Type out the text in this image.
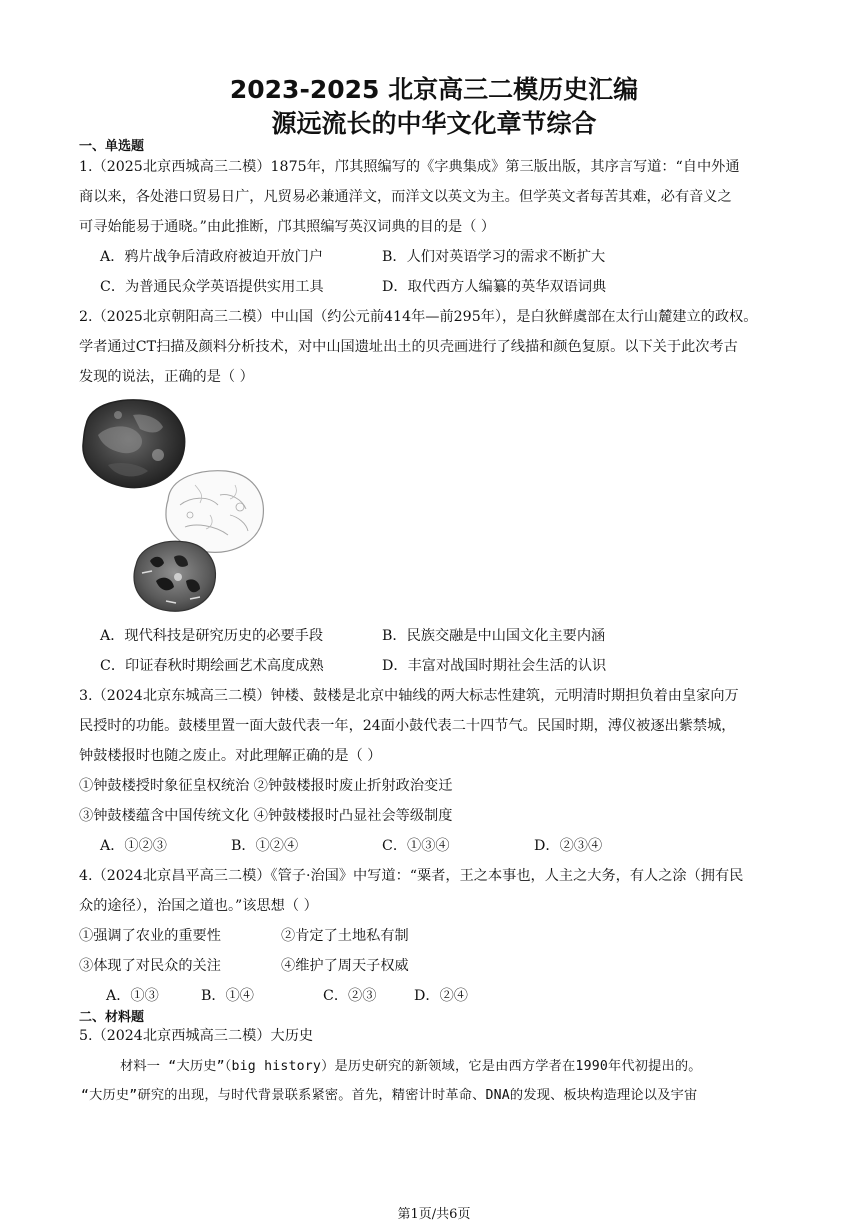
2023-2025 北京高三二模历史汇编
源远流长的中华文化章节综合
一、单选题
1.（2025北京西城高三二模）1875年，邝其照编写的《字典集成》第三版出版，其序言写道：“自中外通
商以来，各处港口贸易日广，凡贸易必兼通洋文，而洋文以英文为主。但学英文者每苦其难，必有音义之
可寻始能易于通晓。”由此推断，邝其照编写英汉词典的目的是（ ）
A．鸦片战争后清政府被迫开放门户	B．人们对英语学习的需求不断扩大
C．为普通民众学英语提供实用工具	D．取代西方人编纂的英华双语词典
2.（2025北京朝阳高三二模）中山国（约公元前414年—前295年），是白狄鲜虞部在太行山麓建立的政权。
学者通过CT扫描及颜料分析技术，对中山国遗址出土的贝壳画进行了线描和颜色复原。以下关于此次考古
发现的说法，正确的是（ ）
A．现代科技是研究历史的必要手段	B．民族交融是中山国文化主要内涵
C．印证春秋时期绘画艺术高度成熟	D．丰富对战国时期社会生活的认识
3.（2024北京东城高三二模）钟楼、鼓楼是北京中轴线的两大标志性建筑，元明清时期担负着由皇家向万
民授时的功能。鼓楼里置一面大鼓代表一年，24面小鼓代表二十四节气。民国时期，溥仪被逐出紫禁城，
钟鼓楼报时也随之废止。对此理解正确的是（ ）
①钟鼓楼授时象征皇权统治 ②钟鼓楼报时废止折射政治变迁
③钟鼓楼蕴含中国传统文化 ④钟鼓楼报时凸显社会等级制度
A．①②③	B．①②④	C．①③④	D．②③④
4.（2024北京昌平高三二模）《管子·治国》中写道：“粟者，王之本事也，人主之大务，有人之涂（拥有民
众的途径），治国之道也。”该思想（ ）
①强调了农业的重要性	②肯定了土地私有制
③体现了对民众的关注	④维护了周天子权威
A．①③	B．①④	C．②③	D．②④
二、材料题
5.（2024北京西城高三二模）大历史
材料一 “大历史”（big history）是历史研究的新领域，它是由西方学者在1990年代初提出的。
“大历史”研究的出现，与时代背景联系紧密。首先，精密计时革命、DNA的发现、板块构造理论以及宇宙
第1页/共6页
